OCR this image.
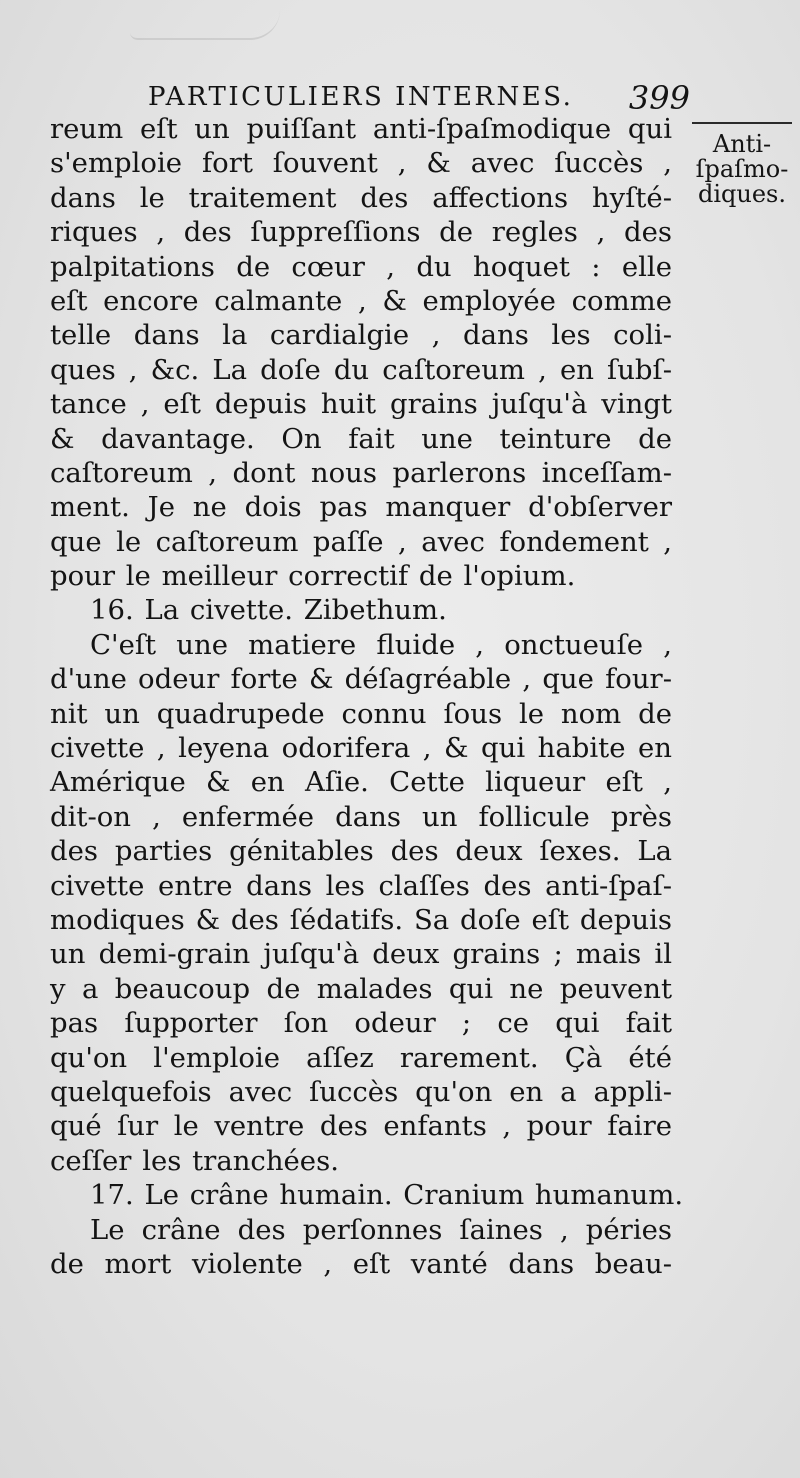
PARTICULIERS INTERNES. 399
Anti-
ſpaſmo-
diques.
reum eſt un puiſſant anti-ſpaſmodique qui
s'emploie fort ſouvent , & avec ſuccès ,
dans le traitement des affections hyſté-
riques , des ſuppreſſions de regles , des
palpitations de cœur , du hoquet : elle
eſt encore calmante , & employée comme
telle dans la cardialgie , dans les coli-
ques , &c. La doſe du caſtoreum , en ſubſ-
tance , eſt depuis huit grains juſqu'à vingt
& davantage. On fait une teinture de
caſtoreum , dont nous parlerons inceſſam-
ment. Je ne dois pas manquer d'obſerver
que le caſtoreum paſſe , avec fondement ,
pour le meilleur correctif de l'opium.
16. La civette. Zibethum.
C'eſt une matiere fluide , onctueuſe ,
d'une odeur forte & déſagréable , que four-
nit un quadrupede connu ſous le nom de
civette , leyena odorifera , & qui habite en
Amérique & en Aſie. Cette liqueur eſt ,
dit-on , enfermée dans un follicule près
des parties génitables des deux ſexes. La
civette entre dans les claſſes des anti-ſpaſ-
modiques & des ſédatifs. Sa doſe eſt depuis
un demi-grain juſqu'à deux grains ; mais il
y a beaucoup de malades qui ne peuvent
pas ſupporter ſon odeur ; ce qui fait
qu'on l'emploie aſſez rarement. Çà été
quelquefois avec ſuccès qu'on en a appli-
qué ſur le ventre des enfants , pour faire
ceſſer les tranchées.
17. Le crâne humain. Cranium humanum.
Le crâne des perſonnes ſaines , péries
de mort violente , eſt vanté dans beau-
